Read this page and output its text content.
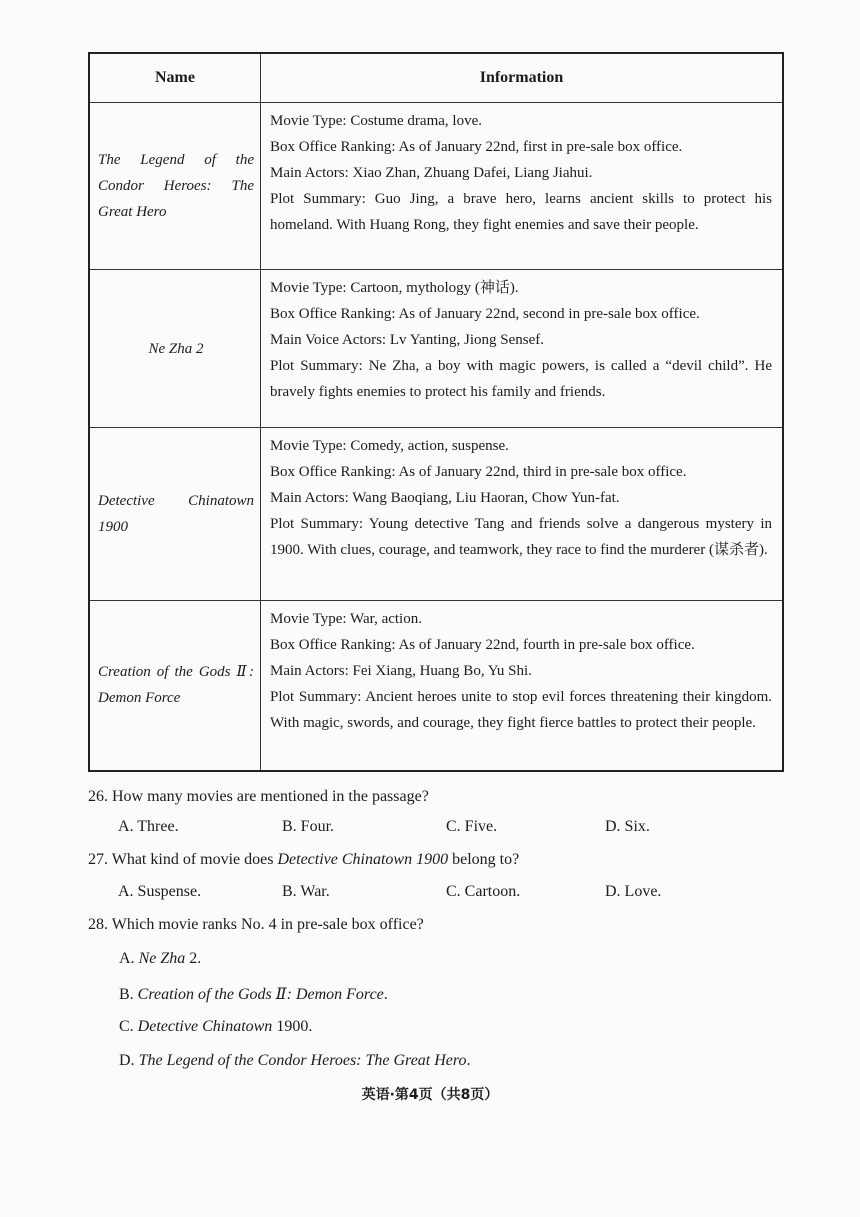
Name	Information
The Legend of the Condor Heroes: The Great Hero	Movie Type: Costume drama, love.
Box Office Ranking: As of January 22nd, first in pre-sale box office.
Main Actors: Xiao Zhan, Zhuang Dafei, Liang Jiahui.
Plot Summary: Guo Jing, a brave hero, learns ancient skills to protect his homeland. With Huang Rong, they fight enemies and save their people.

Ne Zha 2	Movie Type: Cartoon, mythology (神话).
Box Office Ranking: As of January 22nd, second in pre-sale box office.
Main Voice Actors: Lv Yanting, Jiong Sensef.
Plot Summary: Ne Zha, a boy with magic powers, is called a “devil child”. He bravely fights enemies to protect his family and friends.

Detective Chinatown 1900	Movie Type: Comedy, action, suspense.
Box Office Ranking: As of January 22nd, third in pre-sale box office.
Main Actors: Wang Baoqiang, Liu Haoran, Chow Yun-fat.
Plot Summary: Young detective Tang and friends solve a dangerous mystery in 1900. With clues, courage, and teamwork, they race to find the murderer (谋杀者).

Creation of the Gods Ⅱ: Demon Force	Movie Type: War, action.
Box Office Ranking: As of January 22nd, fourth in pre-sale box office.
Main Actors: Fei Xiang, Huang Bo, Yu Shi.
Plot Summary: Ancient heroes unite to stop evil forces threatening their kingdom. With magic, swords, and courage, they fight fierce battles to protect their people.
26. How many movies are mentioned in the passage?
A. Three.	B. Four.	C. Five.	D. Six.
27. What kind of movie does Detective Chinatown 1900 belong to?
A. Suspense.	B. War.	C. Cartoon.	D. Love.
28. Which movie ranks No. 4 in pre-sale box office?
A. Ne Zha 2.
B. Creation of the Gods Ⅱ: Demon Force.
C. Detective Chinatown 1900.
D. The Legend of the Condor Heroes: The Great Hero.
英语·第4页（共8页）
